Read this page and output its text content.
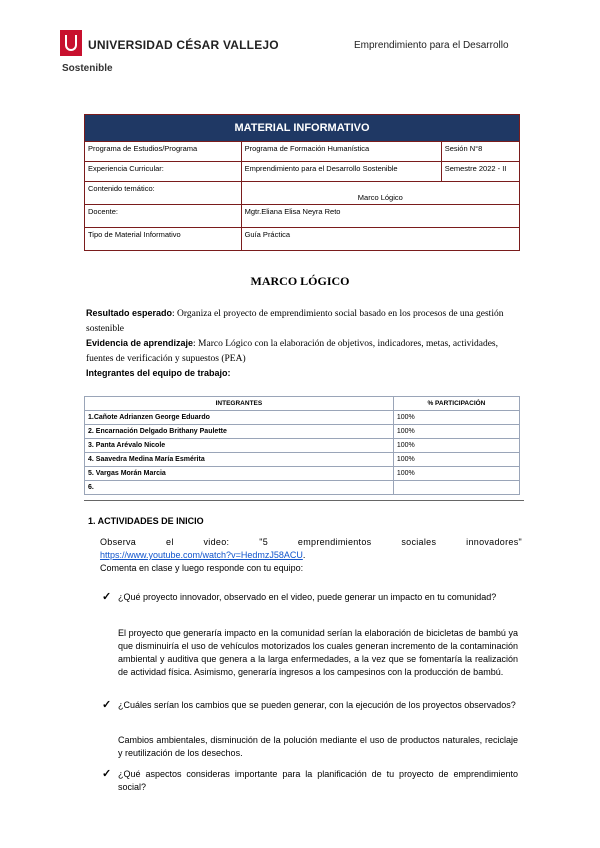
UNIVERSIDAD CÉSAR VALLEJO
Sostenible
Emprendimiento para el Desarrollo
MATERIAL INFORMATIVO		
Programa de Estudios/Programa	Programa de Formación Humanística	Sesión N°8
Experiencia Curricular:	Emprendimiento para el Desarrollo Sostenible	Semestre 2022 - II
Contenido temático:	Marco Lógico	
Docente:	Mgtr.Eliana Elisa Neyra Reto	
Tipo de Material Informativo	Guía Práctica	
MARCO LÓGICO
Resultado esperado: Organiza el proyecto de emprendimiento social basado en los procesos de una gestión sostenible
Evidencia de aprendizaje: Marco Lógico con la elaboración de objetivos, indicadores, metas, actividades, fuentes de verificación y supuestos (PEA)
Integrantes del equipo de trabajo:
INTEGRANTES	% PARTICIPACIÓN
1.Cañote Adrianzen George Eduardo	100%
2. Encarnación Delgado Brithany Paulette	100%
3. Panta Arévalo Nicole	100%
4. Saavedra Medina María Esmérita	100%
5. Vargas Morán Marcia	100%
6.	
1. ACTIVIDADES DE INICIO
Observa el video: "5 emprendimientos sociales innovadores"
https://www.youtube.com/watch?v=HedmzJ58ACU.
Comenta en clase y luego responde con tu equipo:
✓ ¿Qué proyecto innovador, observado en el video, puede generar un impacto en tu comunidad?
El proyecto que generaría impacto en la comunidad serían la elaboración de bicicletas de bambú ya que disminuiría el uso de vehículos motorizados los cuales generan incremento de la contaminación ambiental y auditiva que genera a la larga enfermedades, a la vez que se fomentaría la realización de actividad física. Asimismo, generaría ingresos a los campesinos con la producción de bambú.
✓ ¿Cuáles serían los cambios que se pueden generar, con la ejecución de los proyectos observados?
Cambios ambientales, disminución de la polución mediante el uso de productos naturales, reciclaje y reutilización de los desechos.
✓ ¿Qué aspectos consideras importante para la planificación de tu proyecto de emprendimiento social?
